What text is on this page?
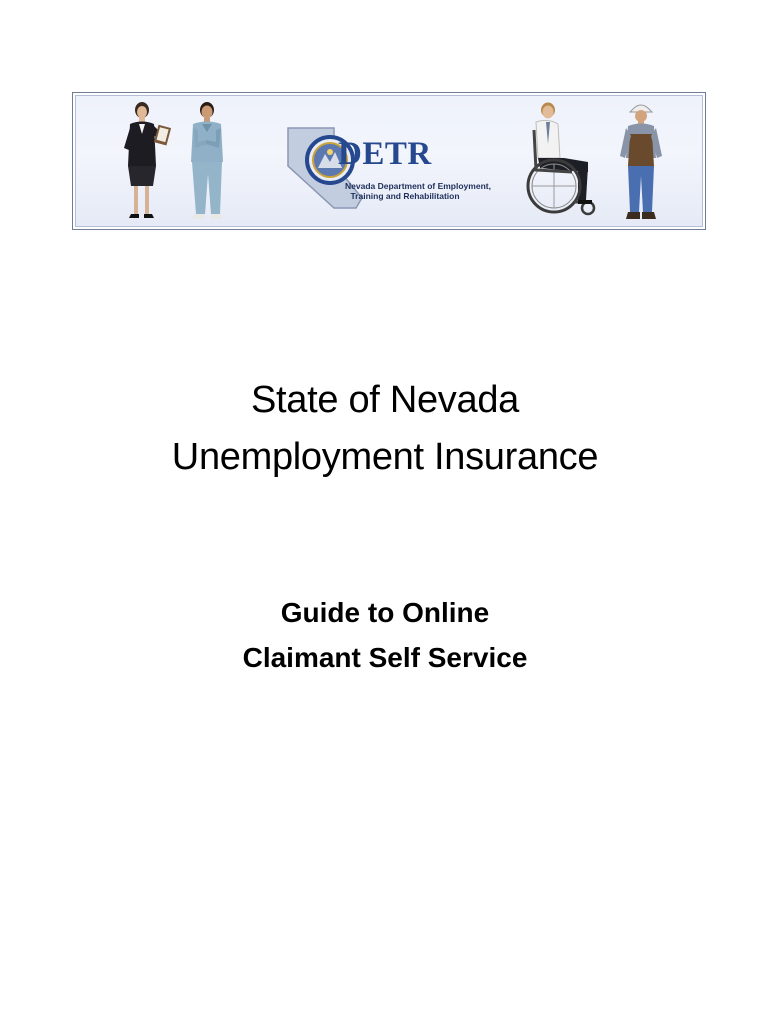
DETR
Nevada Department of Employment,
Training and Rehabilitation
State of Nevada
Unemployment Insurance
Guide to Online
Claimant Self Service
